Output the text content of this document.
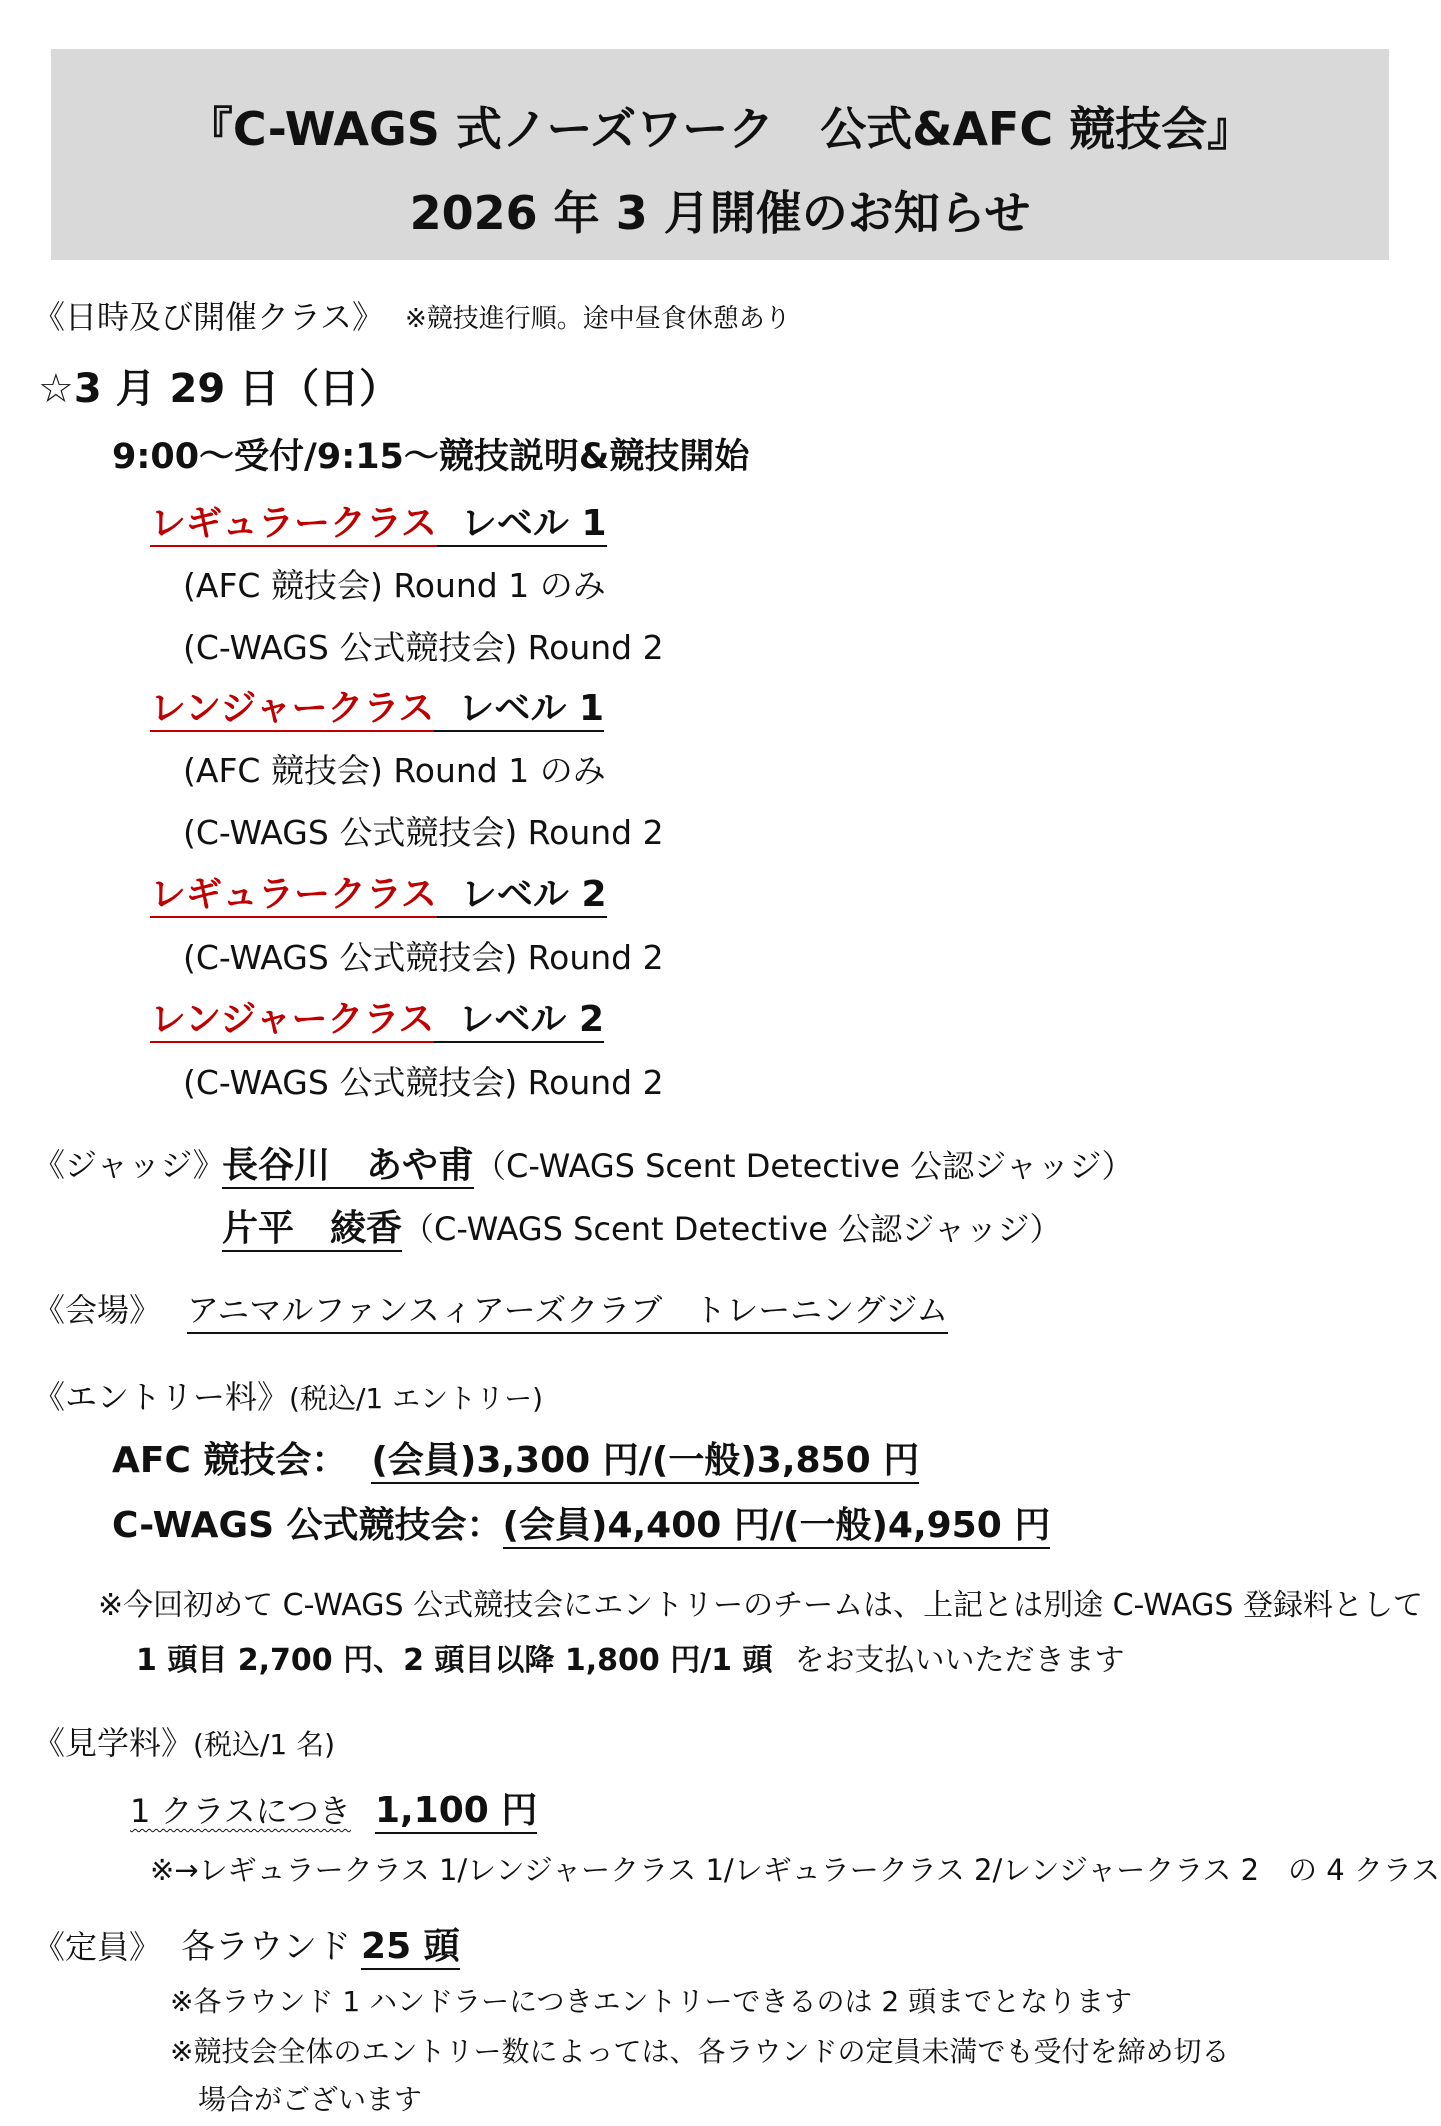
『C-WAGS 式ノーズワーク　公式&AFC 競技会』
2026 年 3 月開催のお知らせ
《日時及び開催クラス》 ※競技進行順。途中昼食休憩あり
☆3 月 29 日（日）
9:00～受付/9:15～競技説明&競技開始
レギュラークラス レベル 1
(AFC 競技会) Round 1 のみ
(C-WAGS 公式競技会) Round 2
レンジャークラス レベル 1
(AFC 競技会) Round 1 のみ
(C-WAGS 公式競技会) Round 2
レギュラークラス レベル 2
(C-WAGS 公式競技会) Round 2
レンジャークラス レベル 2
(C-WAGS 公式競技会) Round 2
《ジャッジ》
長谷川　あや甫（C-WAGS Scent Detective 公認ジャッジ）
片平　綾香（C-WAGS Scent Detective 公認ジャッジ）
《会場》 アニマルファンスィアーズクラブ　トレーニングジム
《エントリー料》(税込/1 エントリー)
AFC 競技会： (会員)3,300 円/(一般)3,850 円
C-WAGS 公式競技会：(会員)4,400 円/(一般)4,950 円
※今回初めて C-WAGS 公式競技会にエントリーのチームは、上記とは別途 C-WAGS 登録料として
1 頭目 2,700 円、2 頭目以降 1,800 円/1 頭 をお支払いいただきます
《見学料》(税込/1 名)
1 クラスにつき 1,100 円
※→レギュラークラス 1/レンジャークラス 1/レギュラークラス 2/レンジャークラス 2　の 4 クラス
《定員》 各ラウンド 25 頭
※各ラウンド 1 ハンドラーにつきエントリーできるのは 2 頭までとなります
※競技会全体のエントリー数によっては、各ラウンドの定員未満でも受付を締め切る
場合がございます
